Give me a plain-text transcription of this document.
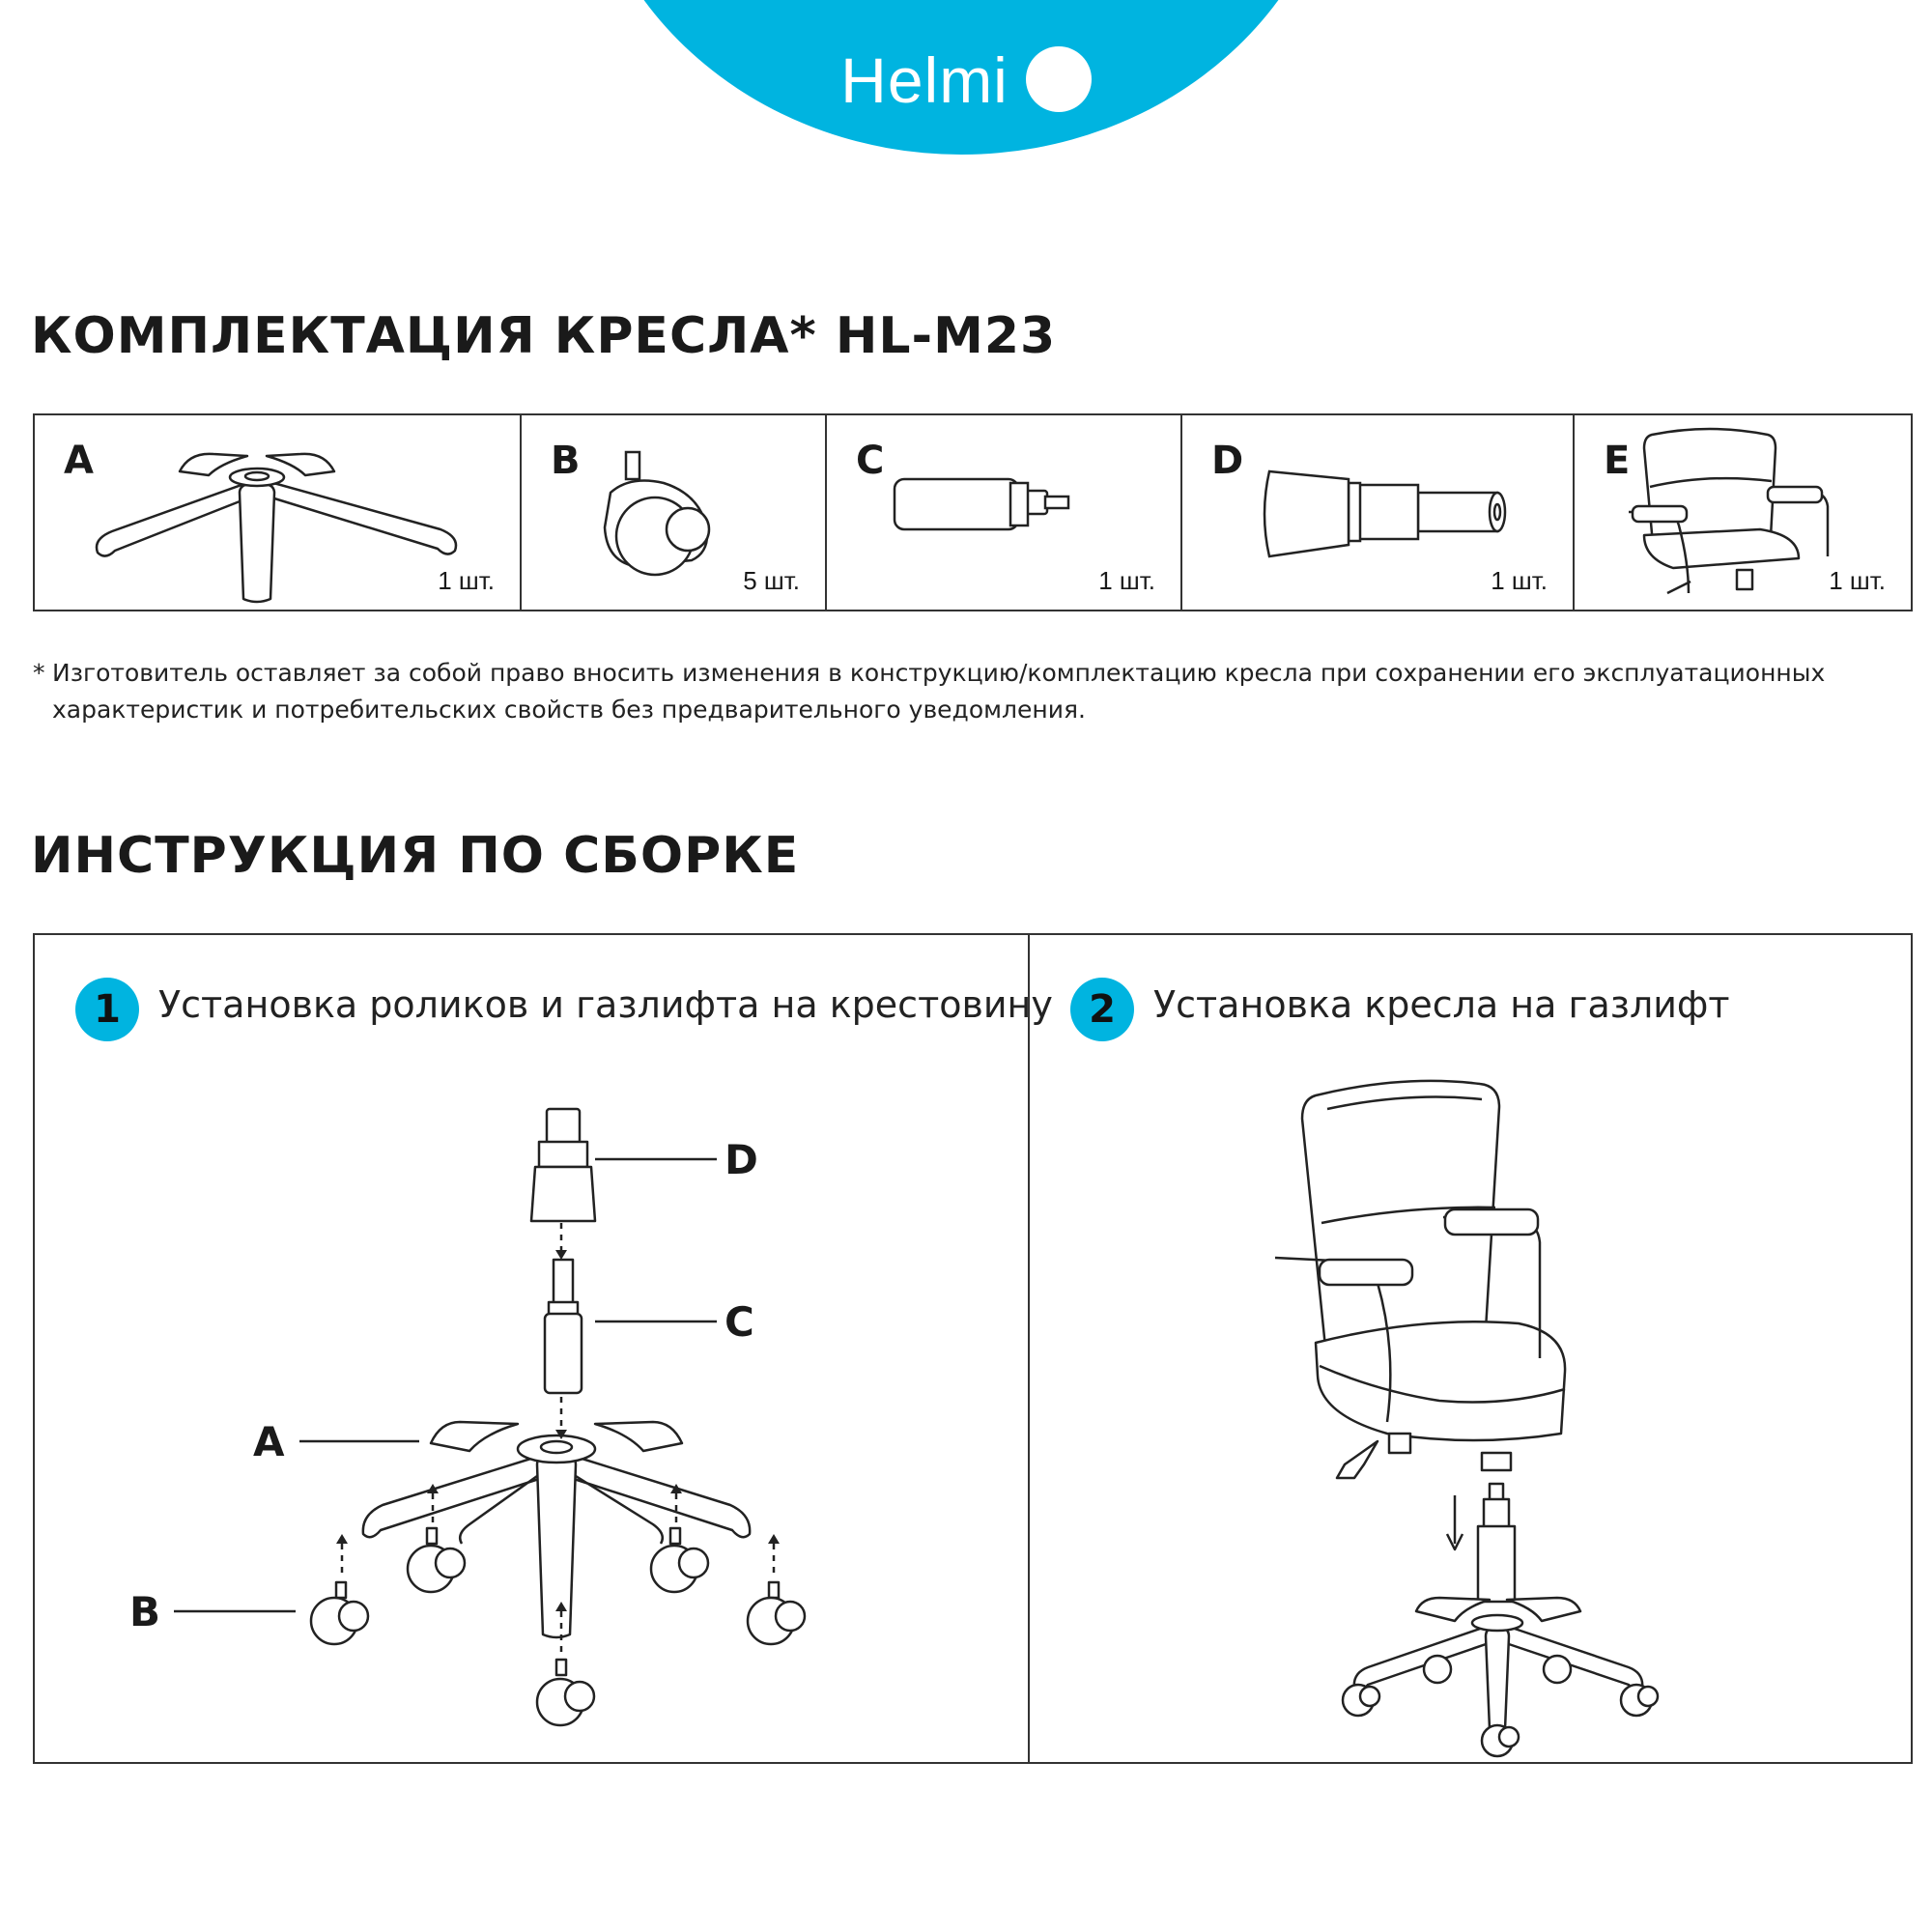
Helmi
КОМПЛЕКТАЦИЯ КРЕСЛА* HL-M23
A
1 шт.
B
5 шт.
C
1 шт.
D
1 шт.
E
1 шт.
* Изготовитель оставляет за собой право вносить изменения в конструкцию/комплектацию кресла при сохранении его эксплуатационных характеристик и потребительских свойств без предварительного уведомления.
ИНСТРУКЦИЯ ПО СБОРКЕ
1	Установка роликов и газлифта на крестовину
D
C
A
B
2	Установка кресла на газлифт
